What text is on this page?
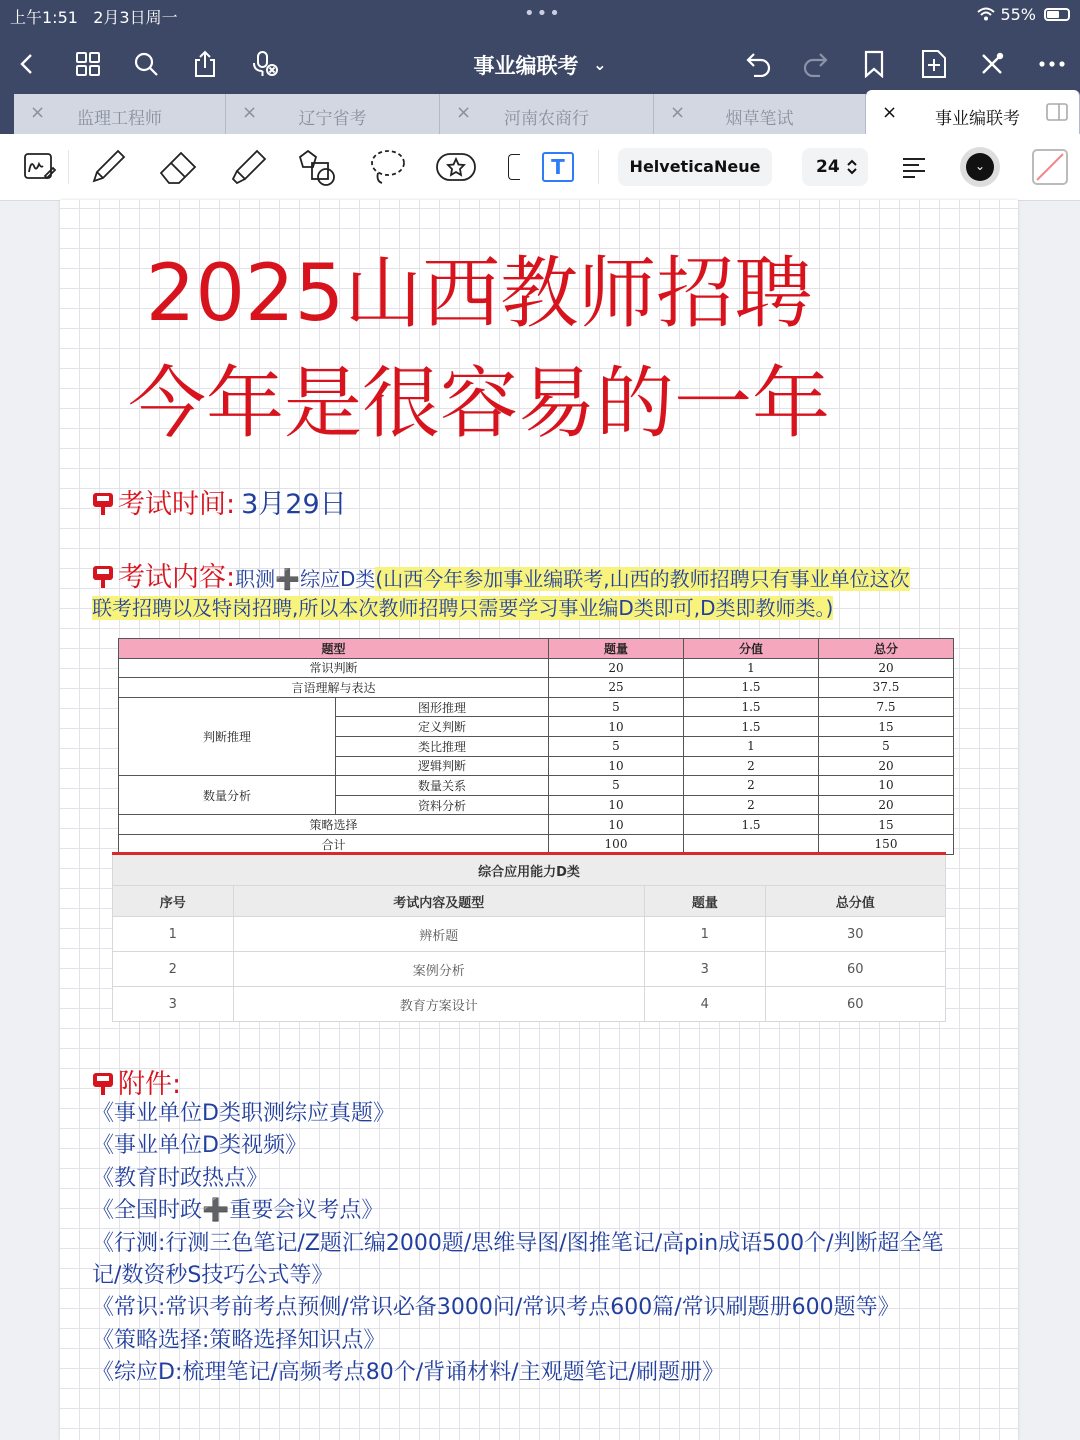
上午1:51 2月3日周一	•••	55%
事业编联考 ⌄
×	监理工程师	×	辽宁省考	×	河南农商行	×	烟草笔试	×	事业编联考
T	HelveticaNeue	24	⌄
2025山西教师招聘
今年是很容易的一年
考试时间: 3月29日
考试内容:职测➕综应D类(山西今年参加事业编联考,山西的教师招聘只有事业单位这次
联考招聘以及特岗招聘,所以本次教师招聘只需要学习事业编D类即可,D类即教师类。)
题型		题量	分值	总分
常识判断		20	1	20
言语理解与表达		25	1.5	37.5
判断推理	图形推理	5	1.5	7.5
	定义判断	10	1.5	15
	类比推理	5	1	5
	逻辑判断	10	2	20
数量分析	数量关系	5	2	10
	资料分析	10	2	20
策略选择		10	1.5	15
合计		100		150
综合应用能力D类			
序号	考试内容及题型	题量	总分值
1	辨析题	1	30
2	案例分析	3	60
3	教育方案设计	4	60
附件:
《事业单位D类职测综应真题》
《事业单位D类视频》
《教育时政热点》
《全国时政➕重要会议考点》
《行测:行测三色笔记/Z题汇编2000题/思维导图/图推笔记/高pin成语500个/判断超全笔
记/数资秒S技巧公式等》
《常识:常识考前考点预侧/常识必备3000问/常识考点600篇/常识刷题册600题等》
《策略选择:策略选择知识点》
《综应D:梳理笔记/高频考点80个/背诵材料/主观题笔记/刷题册》
